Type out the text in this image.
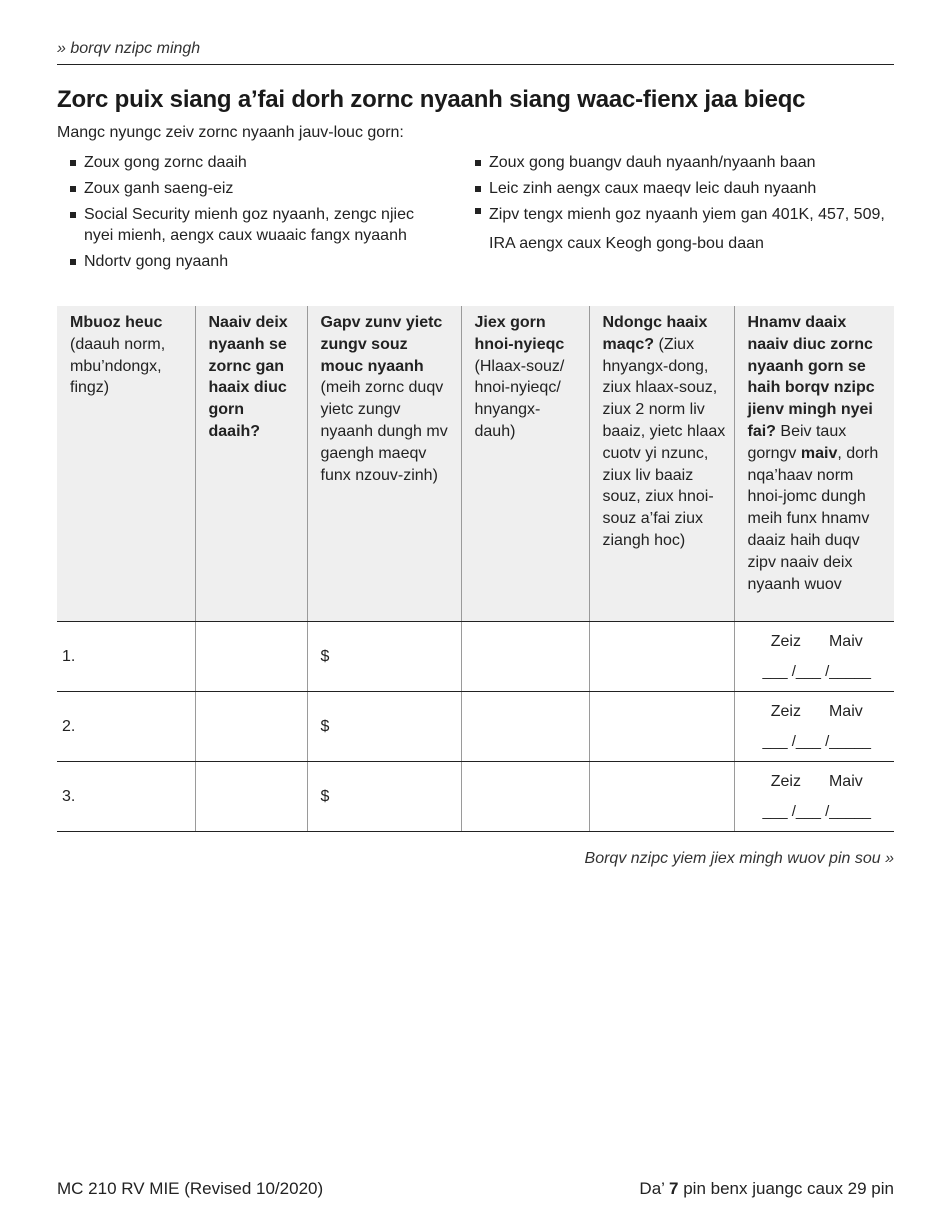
» borqv nzipc mingh
Zorc puix siang a’fai dorh zornc nyaanh siang waac-fienx jaa bieqc
Mangc nyungc zeiv zornc nyaanh jauv-louc gorn:
Zoux gong zornc daaih
Zoux ganh saeng-eiz
Social Security mienh goz nyaanh, zengc njiec nyei mienh, aengx caux wuaaic fangx nyaanh
Ndortv gong nyaanh
Zoux gong buangv dauh nyaanh/nyaanh baan
Leic zinh aengx caux maeqv leic dauh nyaanh
Zipv tengx mienh goz nyaanh yiem gan 401K, 457, 509, IRA aengx caux Keogh gong-bou daan
Mbuoz heuc (daauh norm, mbu’ndongx, fingz)	Naaiv deix nyaanh se zornc gan haaix diuc gorn daaih?	Gapv zunv yietc zungv souz mouc nyaanh (meih zornc duqv yietc zungv nyaanh dungh mv gaengh maeqv funx nzouv-zinh)	Jiex gorn hnoi-nyieqc (Hlaax-souz/ hnoi-nyieqc/ hnyangx-dauh)	Ndongc haaix maqc? (Ziux hnyangx-dong, ziux hlaax-souz, ziux 2 norm liv baaiz, yietc hlaax cuotv yi nzunc, ziux liv baaiz souz, ziux hnoi-souz a’fai ziux ziangh hoc)	Hnamv daaix naaiv diuc zornc nyaanh gorn se haih borqv nzipc jienv mingh nyei fai? Beiv taux gorngv maiv, dorh nqa’haav norm hnoi-jomc dungh meih funx hnamv daaiz haih duqv zipv naaiv deix nyaanh wuov
1.		$			Zeiz Maiv
___ /___ /_____

2.		$			Zeiz Maiv
___ /___ /_____

3.		$			Zeiz Maiv
___ /___ /_____
Borqv nzipc yiem jiex mingh wuov pin sou »
MC 210 RV MIE (Revised 10/2020)	Da’ 7 pin benx juangc caux 29 pin
